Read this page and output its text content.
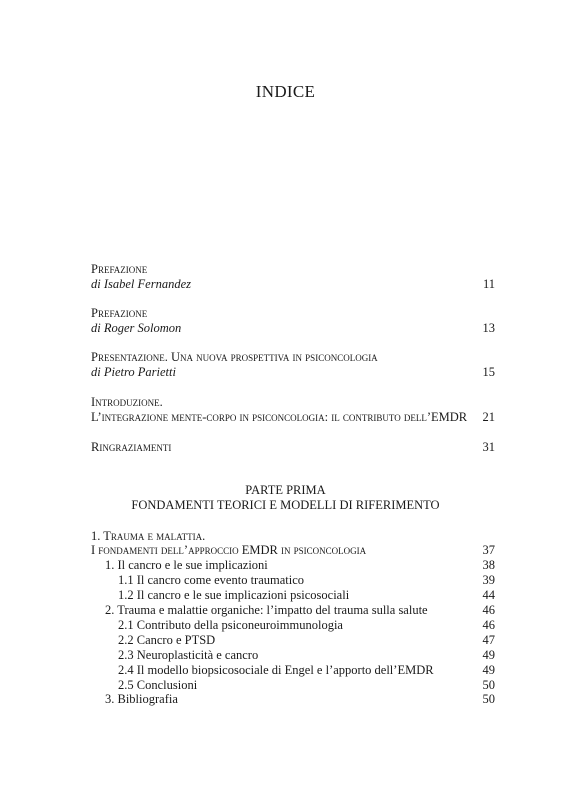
INDICE
Prefazione
di Isabel Fernandez	11
Prefazione
di Roger Solomon	13
Presentazione. Una nuova prospettiva in psiconcologia
di Pietro Parietti	15
Introduzione.
L’integrazione mente-corpo in psiconcologia: il contributo dell’EMDR 21
Ringraziamenti	31
PARTE PRIMA
FONDAMENTI TEORICI E MODELLI DI RIFERIMENTO
1. Trauma e malattia.
I fondamenti dell’approccio EMDR in psiconcologia	37
1. Il cancro e le sue implicazioni	38
1.1 Il cancro come evento traumatico	39
1.2 Il cancro e le sue implicazioni psicosociali	44
2. Trauma e malattie organiche: l’impatto del trauma sulla salute	46
2.1 Contributo della psiconeuroimmunologia	46
2.2 Cancro e PTSD	47
2.3 Neuroplasticità e cancro	49
2.4 Il modello biopsicosociale di Engel e l’apporto dell’EMDR	49
2.5 Conclusioni	50
3. Bibliografia	50
